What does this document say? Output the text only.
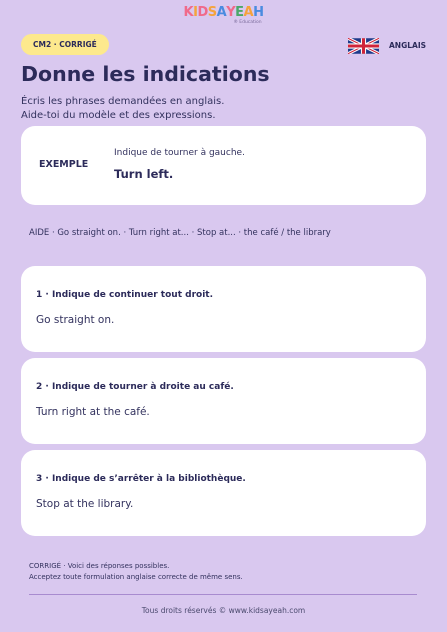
KIDSAYEAH
® Education
CM2 · CORRIGÉ	ANGLAIS
Donne les indications
Écris les phrases demandées en anglais.
Aide-toi du modèle et des expressions.
EXEMPLE
Indique de tourner à gauche.
Turn left.
AIDE · Go straight on. · Turn right at... · Stop at... · the café / the library
1 · Indique de continuer tout droit.
Go straight on.
2 · Indique de tourner à droite au café.
Turn right at the café.
3 · Indique de s’arrêter à la bibliothèque.
Stop at the library.
CORRIGÉ · Voici des réponses possibles.
Acceptez toute formulation anglaise correcte de même sens.
Tous droits réservés © www.kidsayeah.com
